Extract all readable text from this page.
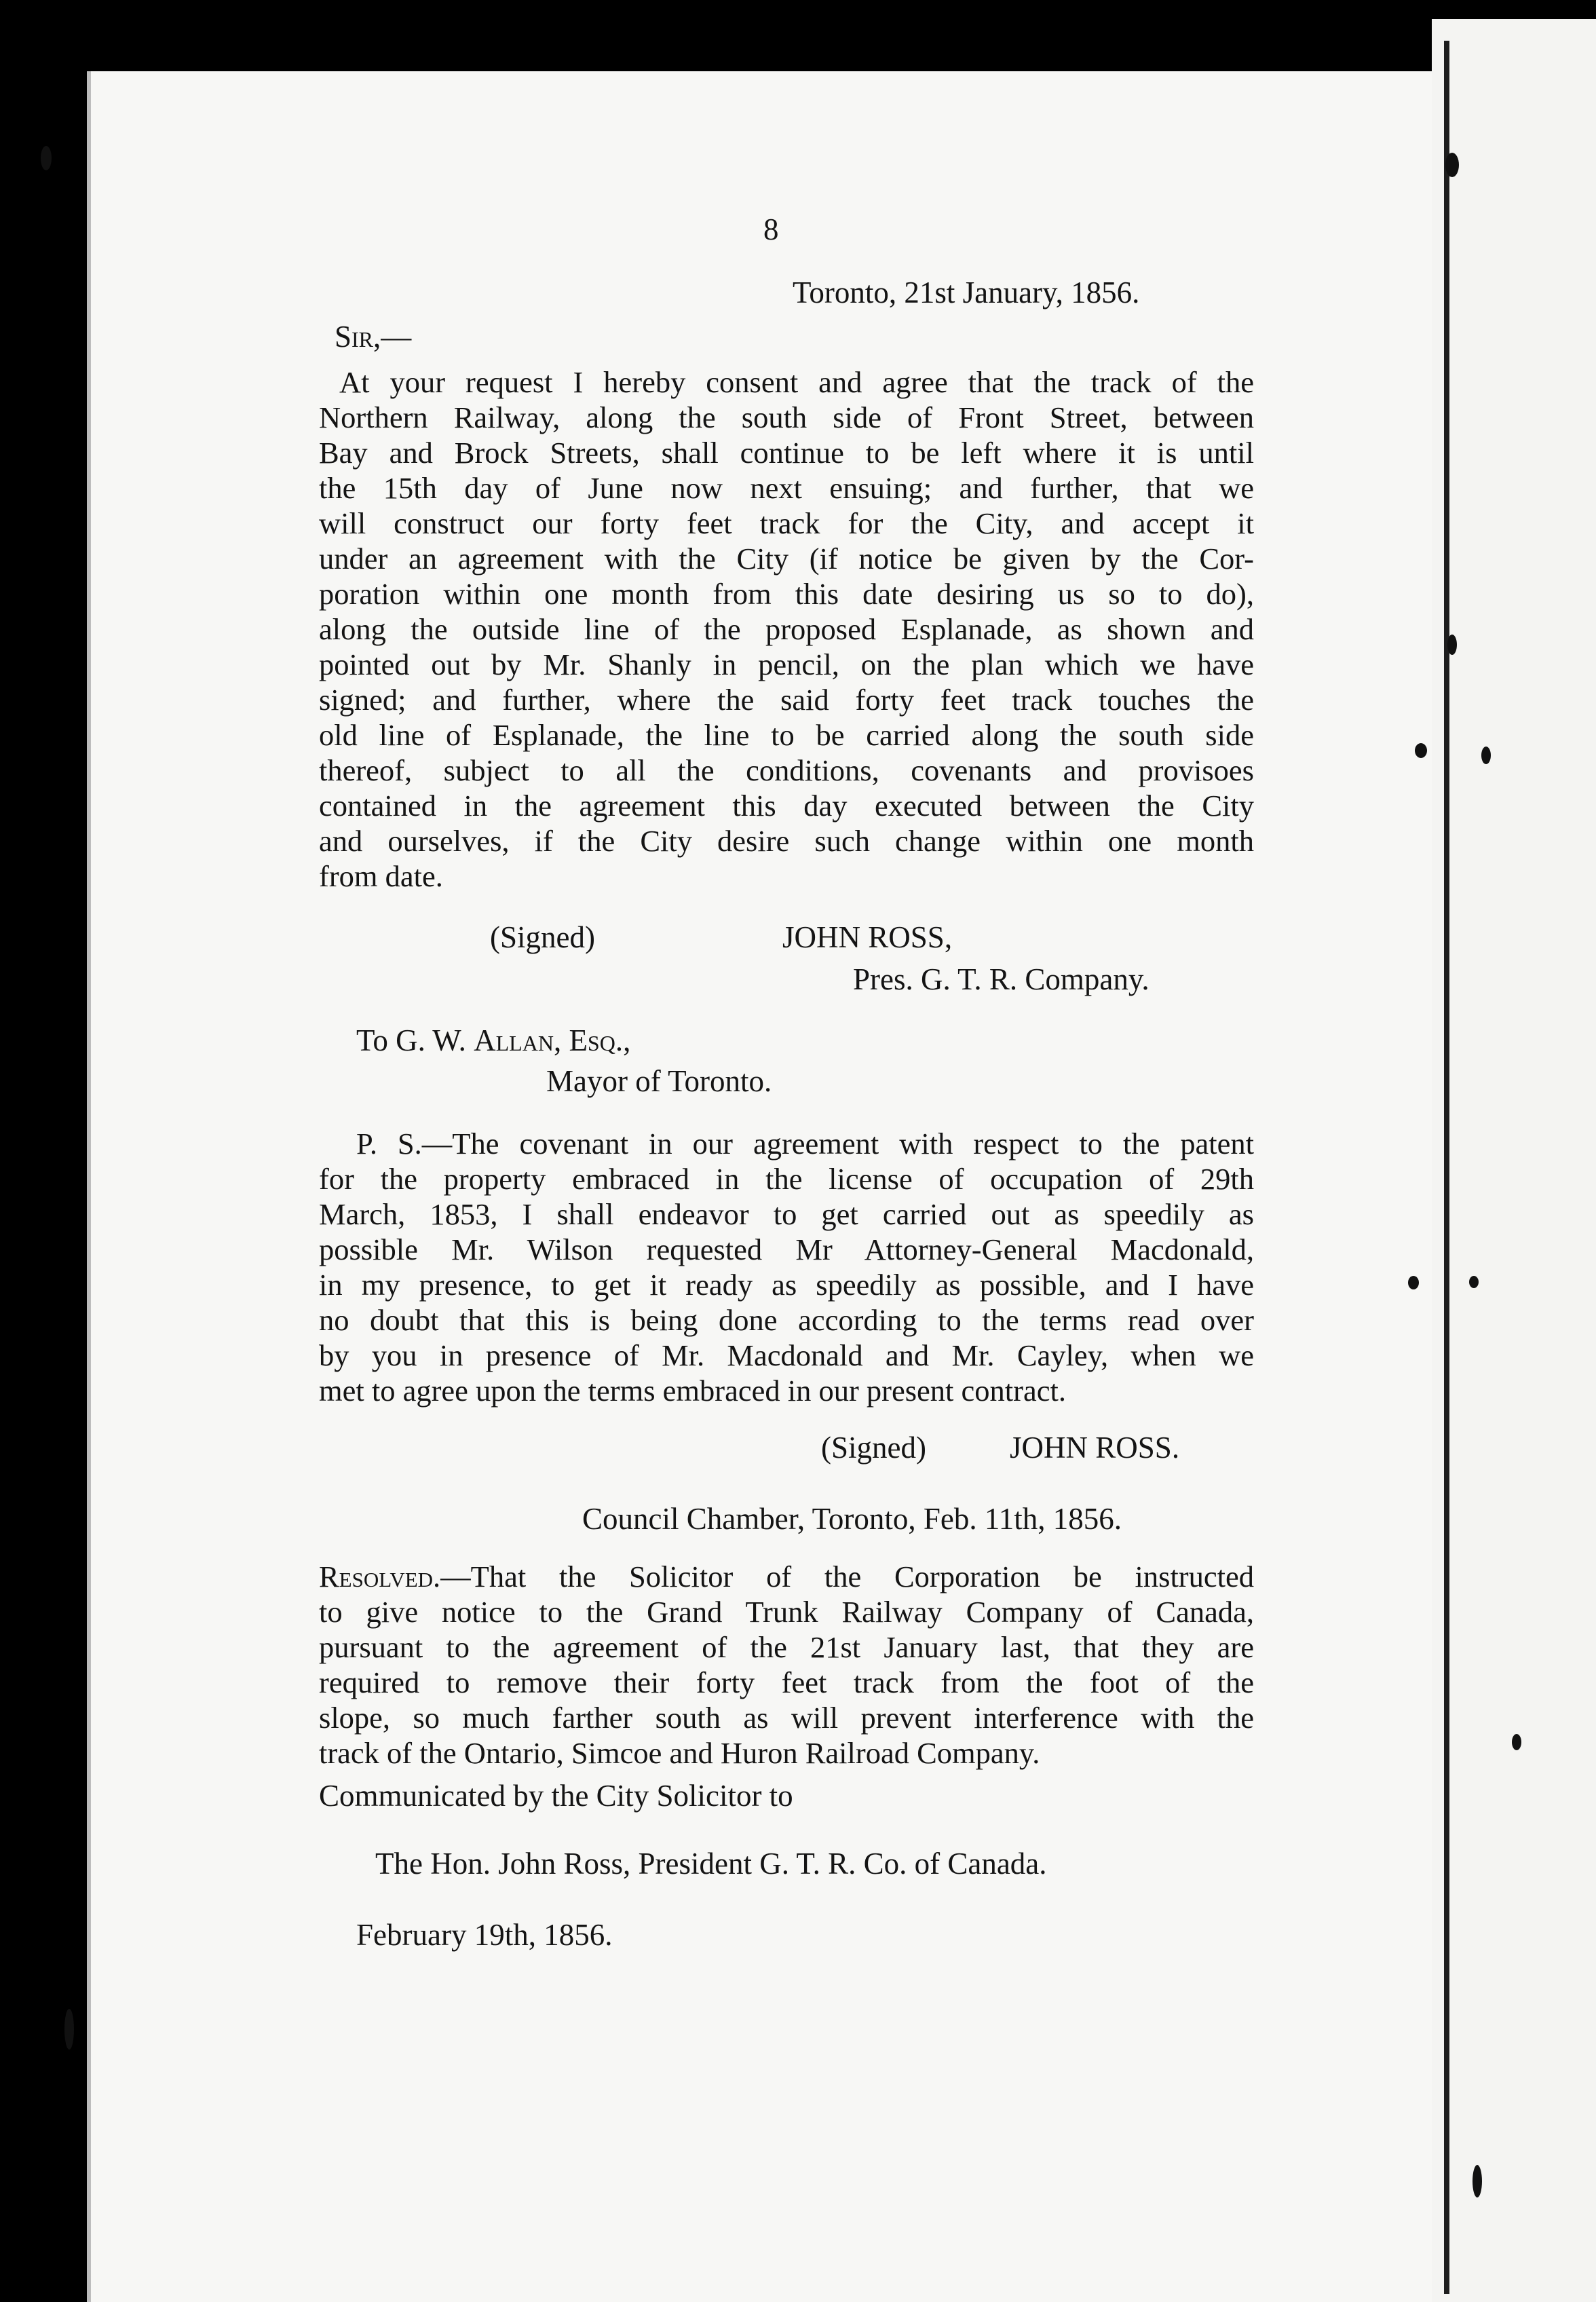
8
Toronto, 21st January, 1856.
Sir,—
At your request I hereby consent and agree that the track of the
Northern Railway, along the south side of Front Street, between
Bay and Brock Streets, shall continue to be left where it is until
the 15th day of June now next ensuing; and further, that we
will construct our forty feet track for the City, and accept it
under an agreement with the City (if notice be given by the Cor-
poration within one month from this date desiring us so to do),
along the outside line of the proposed Esplanade, as shown and
pointed out by Mr. Shanly in pencil, on the plan which we have
signed; and further, where the said forty feet track touches the
old line of Esplanade, the line to be carried along the south side
thereof, subject to all the conditions, covenants and provisoes
contained in the agreement this day executed between the City
and ourselves, if the City desire such change within one month
from date.
(Signed)	JOHN ROSS,
Pres. G. T. R. Company.
To G. W. Allan, Esq.,
Mayor of Toronto.
P. S.—The covenant in our agreement with respect to the patent
for the property embraced in the license of occupation of 29th
March, 1853, I shall endeavor to get carried out as speedily as
possible Mr. Wilson requested Mr Attorney-General Macdonald,
in my presence, to get it ready as speedily as possible, and I have
no doubt that this is being done according to the terms read over
by you in presence of Mr. Macdonald and Mr. Cayley, when we
met to agree upon the terms embraced in our present contract.
(Signed)	JOHN ROSS.
Council Chamber, Toronto, Feb. 11th, 1856.
Resolved.—That the Solicitor of the Corporation be instructed
to give notice to the Grand Trunk Railway Company of Canada,
pursuant to the agreement of the 21st January last, that they are
required to remove their forty feet track from the foot of the
slope, so much farther south as will prevent interference with the
track of the Ontario, Simcoe and Huron Railroad Company.
Communicated by the City Solicitor to
The Hon. John Ross, President G. T. R. Co. of Canada.
February 19th, 1856.
